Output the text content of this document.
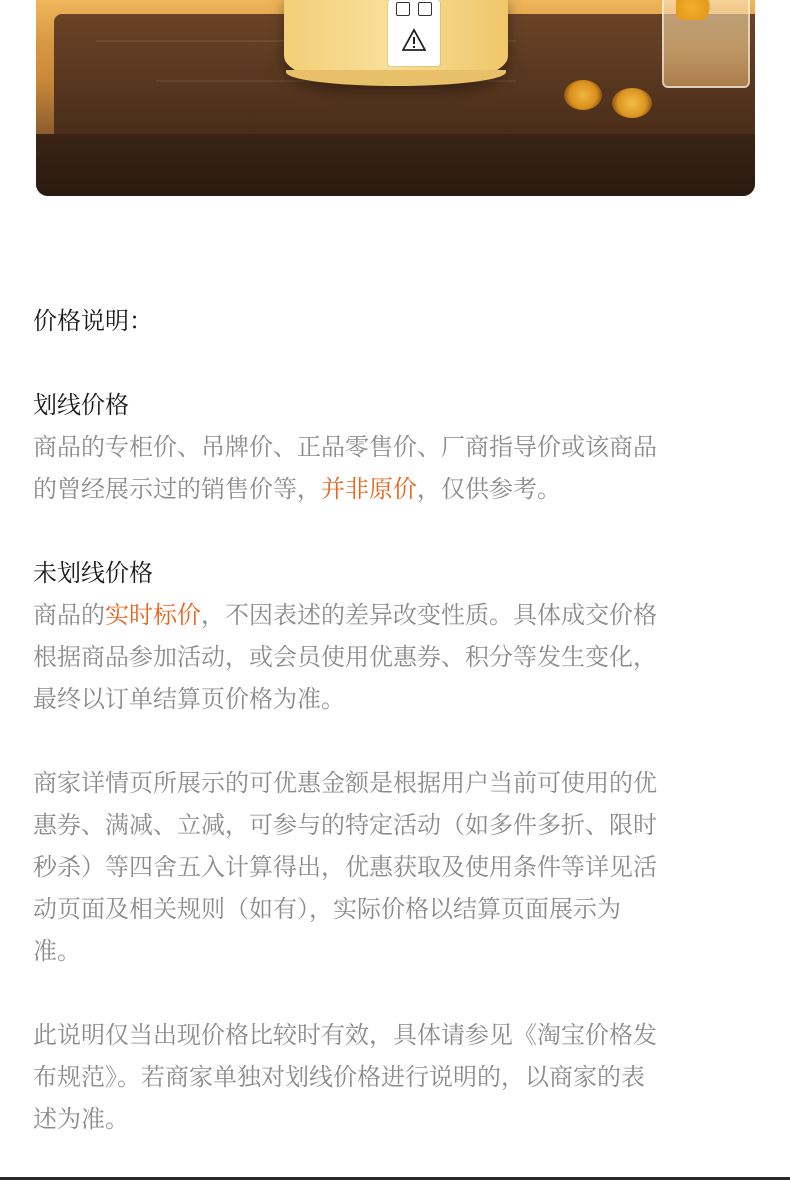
价格说明：

划线价格

商品的专柜价、吊牌价、正品零售价、厂商指导价或该商品

的曾经展示过的销售价等，并非原价，仅供参考。

未划线价格

商品的实时标价，不因表述的差异改变性质。具体成交价格

根据商品参加活动，或会员使用优惠券、积分等发生变化，

最终以订单结算页价格为准。

商家详情页所展示的可优惠金额是根据用户当前可使用的优

惠券、满减、立减，可参与的特定活动（如多件多折、限时

秒杀）等四舍五入计算得出，优惠获取及使用条件等详见活

动页面及相关规则（如有），实际价格以结算页面展示为

准。

此说明仅当出现价格比较时有效，具体请参见《淘宝价格发

布规范》。若商家单独对划线价格进行说明的，以商家的表

述为准。
